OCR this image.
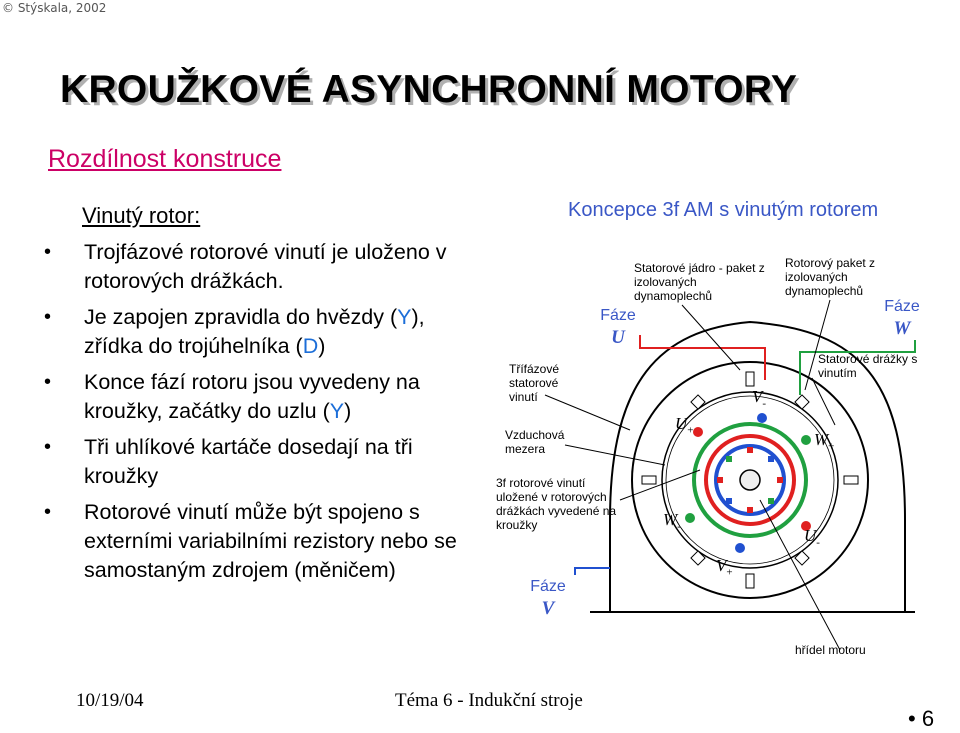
© Stýskala, 2002
KROUŽKOVÉ ASYNCHRONNÍ MOTORY
Rozdílnost konstruce
Vinutý rotor:
• Trojfázové rotorové vinutí je uloženo v rotorových drážkách.
• Je zapojen zpravidla do hvězdy (Y), zřídka do trojúhelníka (D)
• Konce fází rotoru jsou vyvedeny na kroužky, začátky do uzlu (Y)
• Tři uhlíkové kartáče dosedají na tři kroužky
• Rotorové vinutí může být spojeno s externími variabilními rezistory nebo se samostaným zdrojem (měničem)
Koncepce 3f AM s vinutým rotorem
Statorové jádro - paket z izolovaných dynamoplechů
Rotorový paket z izolovaných dynamoplechů
Třífázové statorové vinutí
Vzduchová mezera
3f rotorové vinutí uložené v rotorových drážkách vyvedené na kroužky
Statorové drážky s vinutím
hřídel motoru
Fáze
U
Fáze
W
Fáze
V
$U_+$
$V_-$
$W_+$
$W_-$	$U_-$
$V_+$
10/19/04	Téma 6 - Indukční stroje
• 6
